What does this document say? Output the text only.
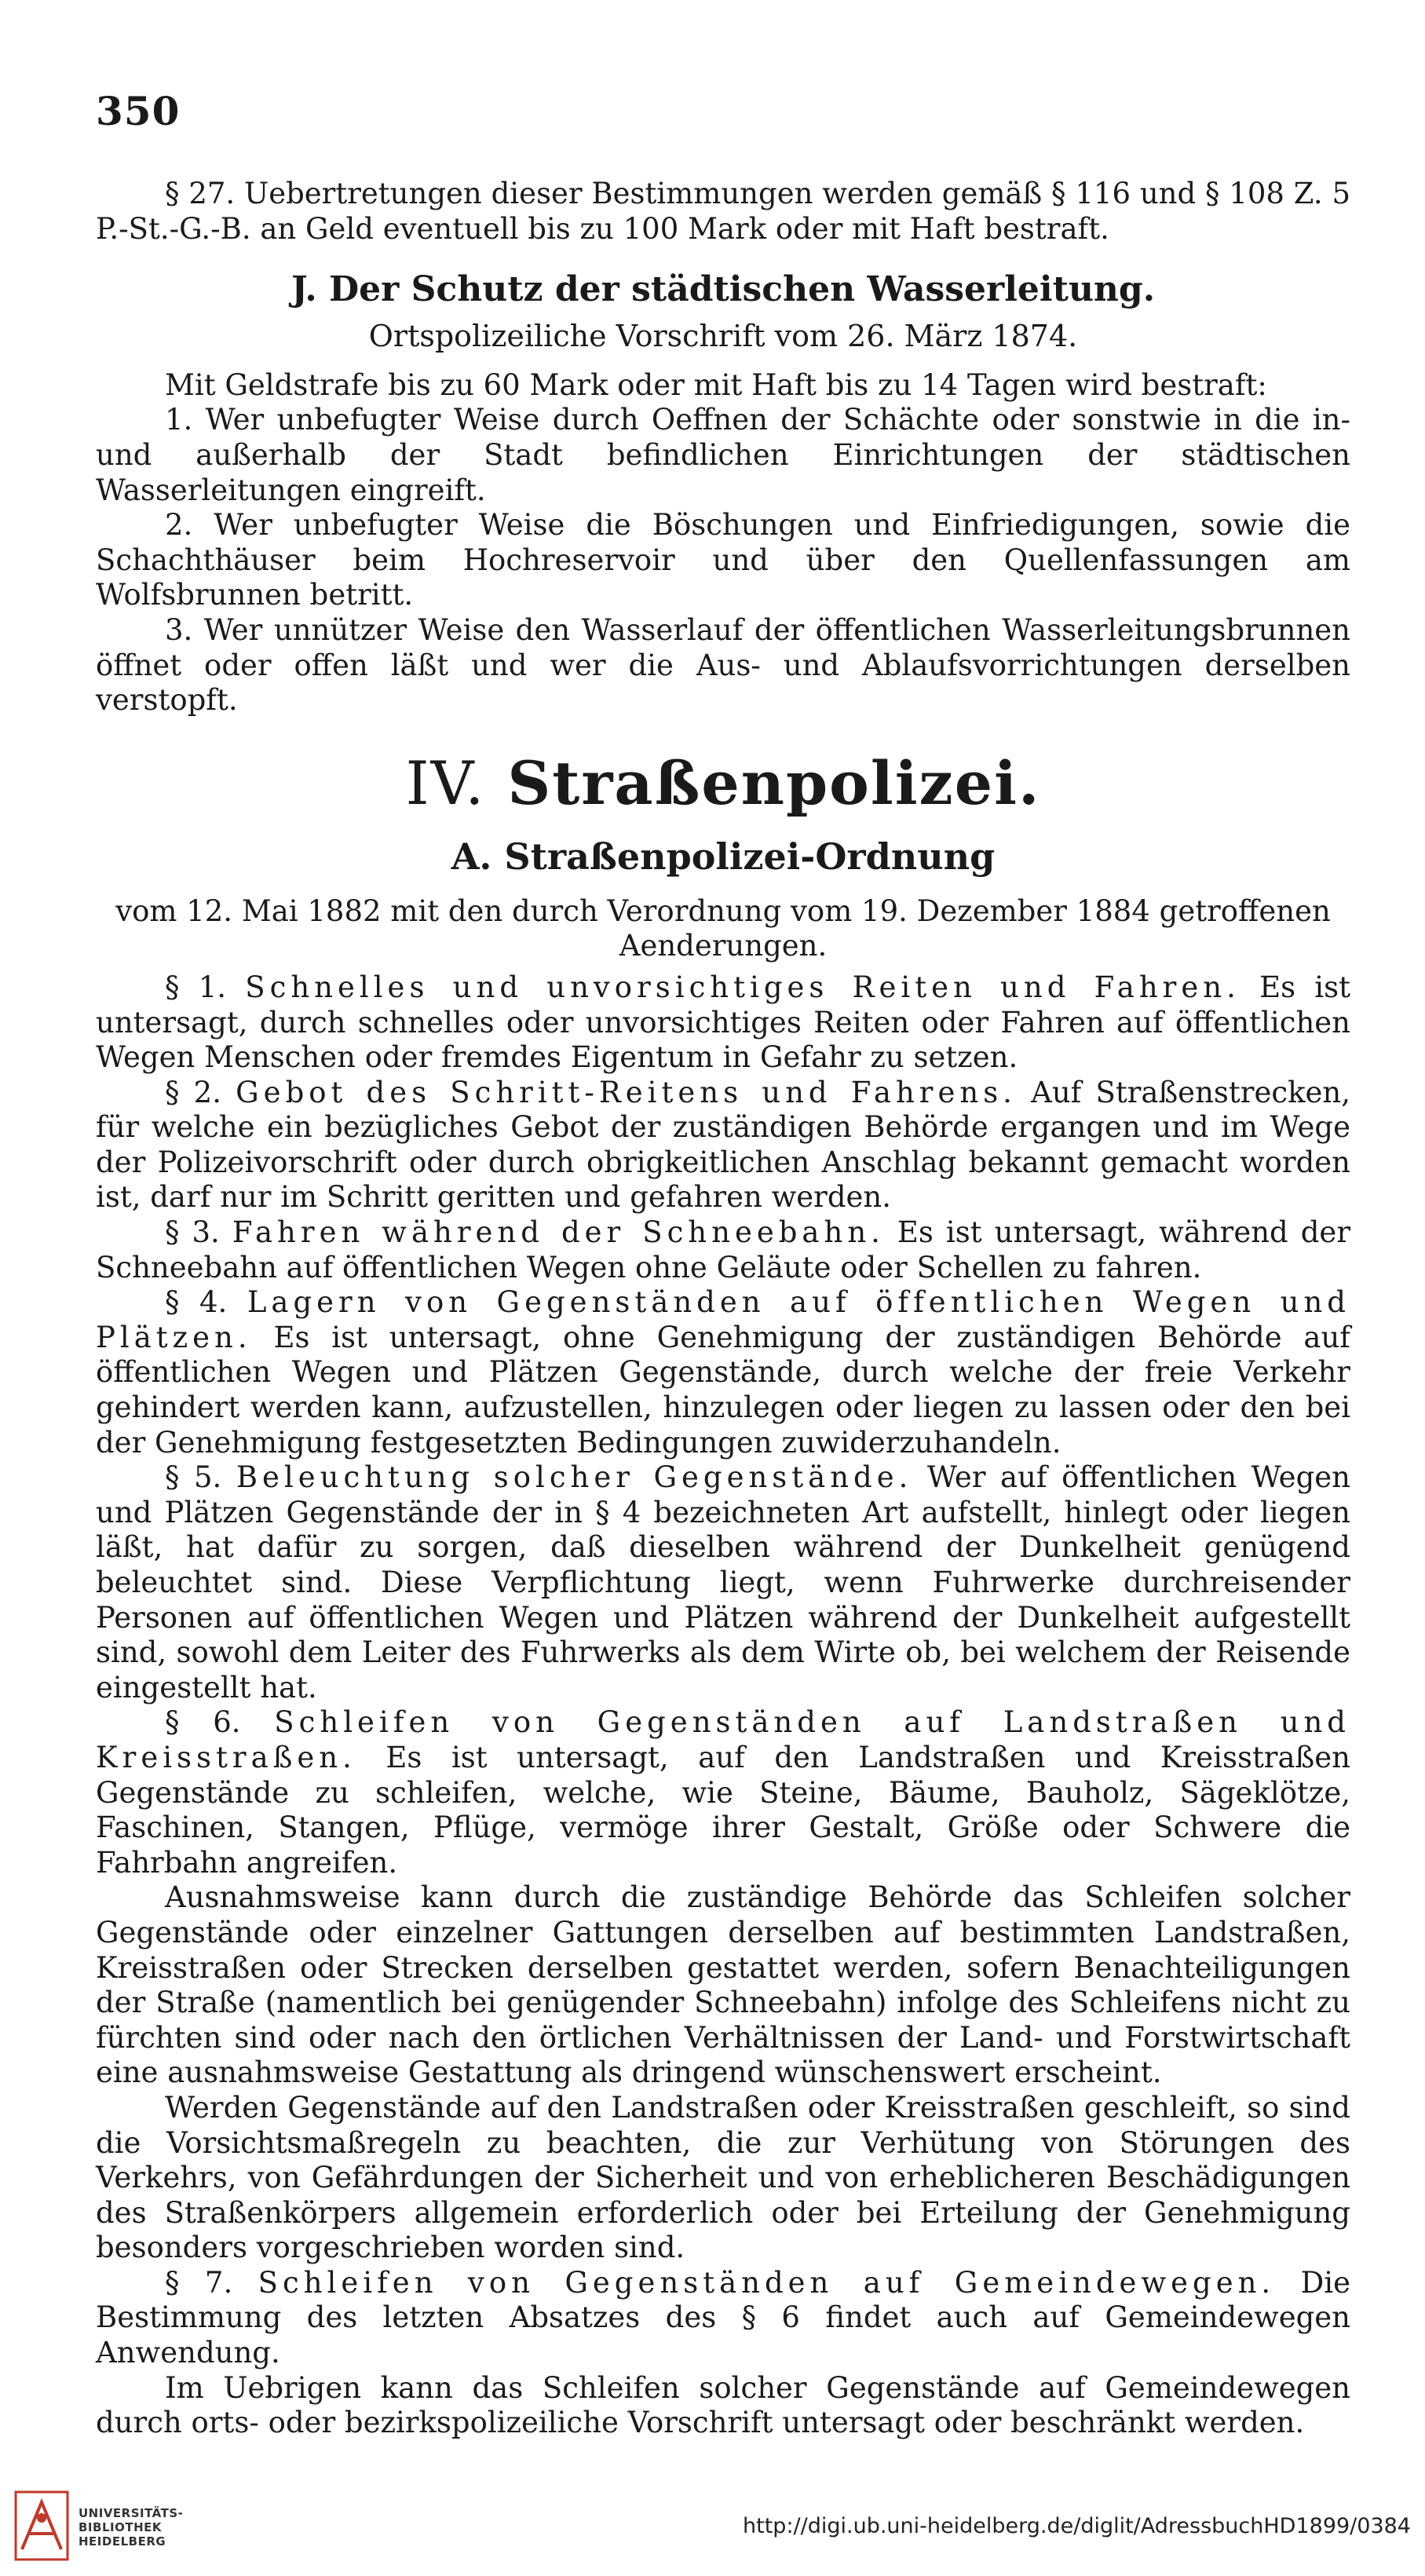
350

§ 27. Uebertretungen dieser Bestimmungen werden gemäß § 116 und § 108 Z. 5 P.-St.-G.-B. an Geld eventuell bis zu 100 Mark oder mit Haft bestraft.

J. Der Schutz der städtischen Wasserleitung.
Ortspolizeiliche Vorschrift vom 26. März 1874.

Mit Geldstrafe bis zu 60 Mark oder mit Haft bis zu 14 Tagen wird bestraft:

1. Wer unbefugter Weise durch Oeffnen der Schächte oder sonstwie in die in- und außerhalb der Stadt befindlichen Einrichtungen der städtischen Wasserleitungen eingreift.

2. Wer unbefugter Weise die Böschungen und Einfriedigungen, sowie die Schachthäuser beim Hochreservoir und über den Quellenfassungen am Wolfsbrunnen betritt.

3. Wer unnützer Weise den Wasserlauf der öffentlichen Wasserleitungsbrunnen öffnet oder offen läßt und wer die Aus- und Ablaufsvorrichtungen derselben verstopft.

IV. Straßenpolizei.
A. Straßenpolizei-Ordnung

vom 12. Mai 1882 mit den durch Verordnung vom 19. Dezember 1884 getroffenen Aenderungen.

§ 1. Schnelles und unvorsichtiges Reiten und Fahren. Es ist untersagt, durch schnelles oder unvorsichtiges Reiten oder Fahren auf öffentlichen Wegen Menschen oder fremdes Eigentum in Gefahr zu setzen.

§ 2. Gebot des Schritt-Reitens und Fahrens. Auf Straßenstrecken, für welche ein bezügliches Gebot der zuständigen Behörde ergangen und im Wege der Polizeivorschrift oder durch obrigkeitlichen Anschlag bekannt gemacht worden ist, darf nur im Schritt geritten und gefahren werden.

§ 3. Fahren während der Schneebahn. Es ist untersagt, während der Schneebahn auf öffentlichen Wegen ohne Geläute oder Schellen zu fahren.

§ 4. Lagern von Gegenständen auf öffentlichen Wegen und Plätzen. Es ist untersagt, ohne Genehmigung der zuständigen Behörde auf öffentlichen Wegen und Plätzen Gegenstände, durch welche der freie Verkehr gehindert werden kann, aufzustellen, hinzulegen oder liegen zu lassen oder den bei der Genehmigung festgesetzten Bedingungen zuwiderzuhandeln.

§ 5. Beleuchtung solcher Gegenstände. Wer auf öffentlichen Wegen und Plätzen Gegenstände der in § 4 bezeichneten Art aufstellt, hinlegt oder liegen läßt, hat dafür zu sorgen, daß dieselben während der Dunkelheit genügend beleuchtet sind. Diese Verpflichtung liegt, wenn Fuhrwerke durchreisender Personen auf öffentlichen Wegen und Plätzen während der Dunkelheit aufgestellt sind, sowohl dem Leiter des Fuhrwerks als dem Wirte ob, bei welchem der Reisende eingestellt hat.

§ 6. Schleifen von Gegenständen auf Landstraßen und Kreisstraßen. Es ist untersagt, auf den Landstraßen und Kreisstraßen Gegenstände zu schleifen, welche, wie Steine, Bäume, Bauholz, Sägeklötze, Faschinen, Stangen, Pflüge, vermöge ihrer Gestalt, Größe oder Schwere die Fahrbahn angreifen.

Ausnahmsweise kann durch die zuständige Behörde das Schleifen solcher Gegenstände oder einzelner Gattungen derselben auf bestimmten Landstraßen, Kreisstraßen oder Strecken derselben gestattet werden, sofern Benachteiligungen der Straße (namentlich bei genügender Schneebahn) infolge des Schleifens nicht zu fürchten sind oder nach den örtlichen Verhältnissen der Land- und Forstwirtschaft eine ausnahmsweise Gestattung als dringend wünschenswert erscheint.

Werden Gegenstände auf den Landstraßen oder Kreisstraßen geschleift, so sind die Vorsichtsmaßregeln zu beachten, die zur Verhütung von Störungen des Verkehrs, von Gefährdungen der Sicherheit und von erheblicheren Beschädigungen des Straßenkörpers allgemein erforderlich oder bei Erteilung der Genehmigung besonders vorgeschrieben worden sind.

§ 7. Schleifen von Gegenständen auf Gemeindewegen. Die Bestimmung des letzten Absatzes des § 6 findet auch auf Gemeindewegen Anwendung.

Im Uebrigen kann das Schleifen solcher Gegenstände auf Gemeindewegen durch orts- oder bezirkspolizeiliche Vorschrift untersagt oder beschränkt werden.

UNIVERSITÄTS-
BIBLIOTHEK
HEIDELBERG
http://digi.ub.uni-heidelberg.de/diglit/AdressbuchHD1899/0384
